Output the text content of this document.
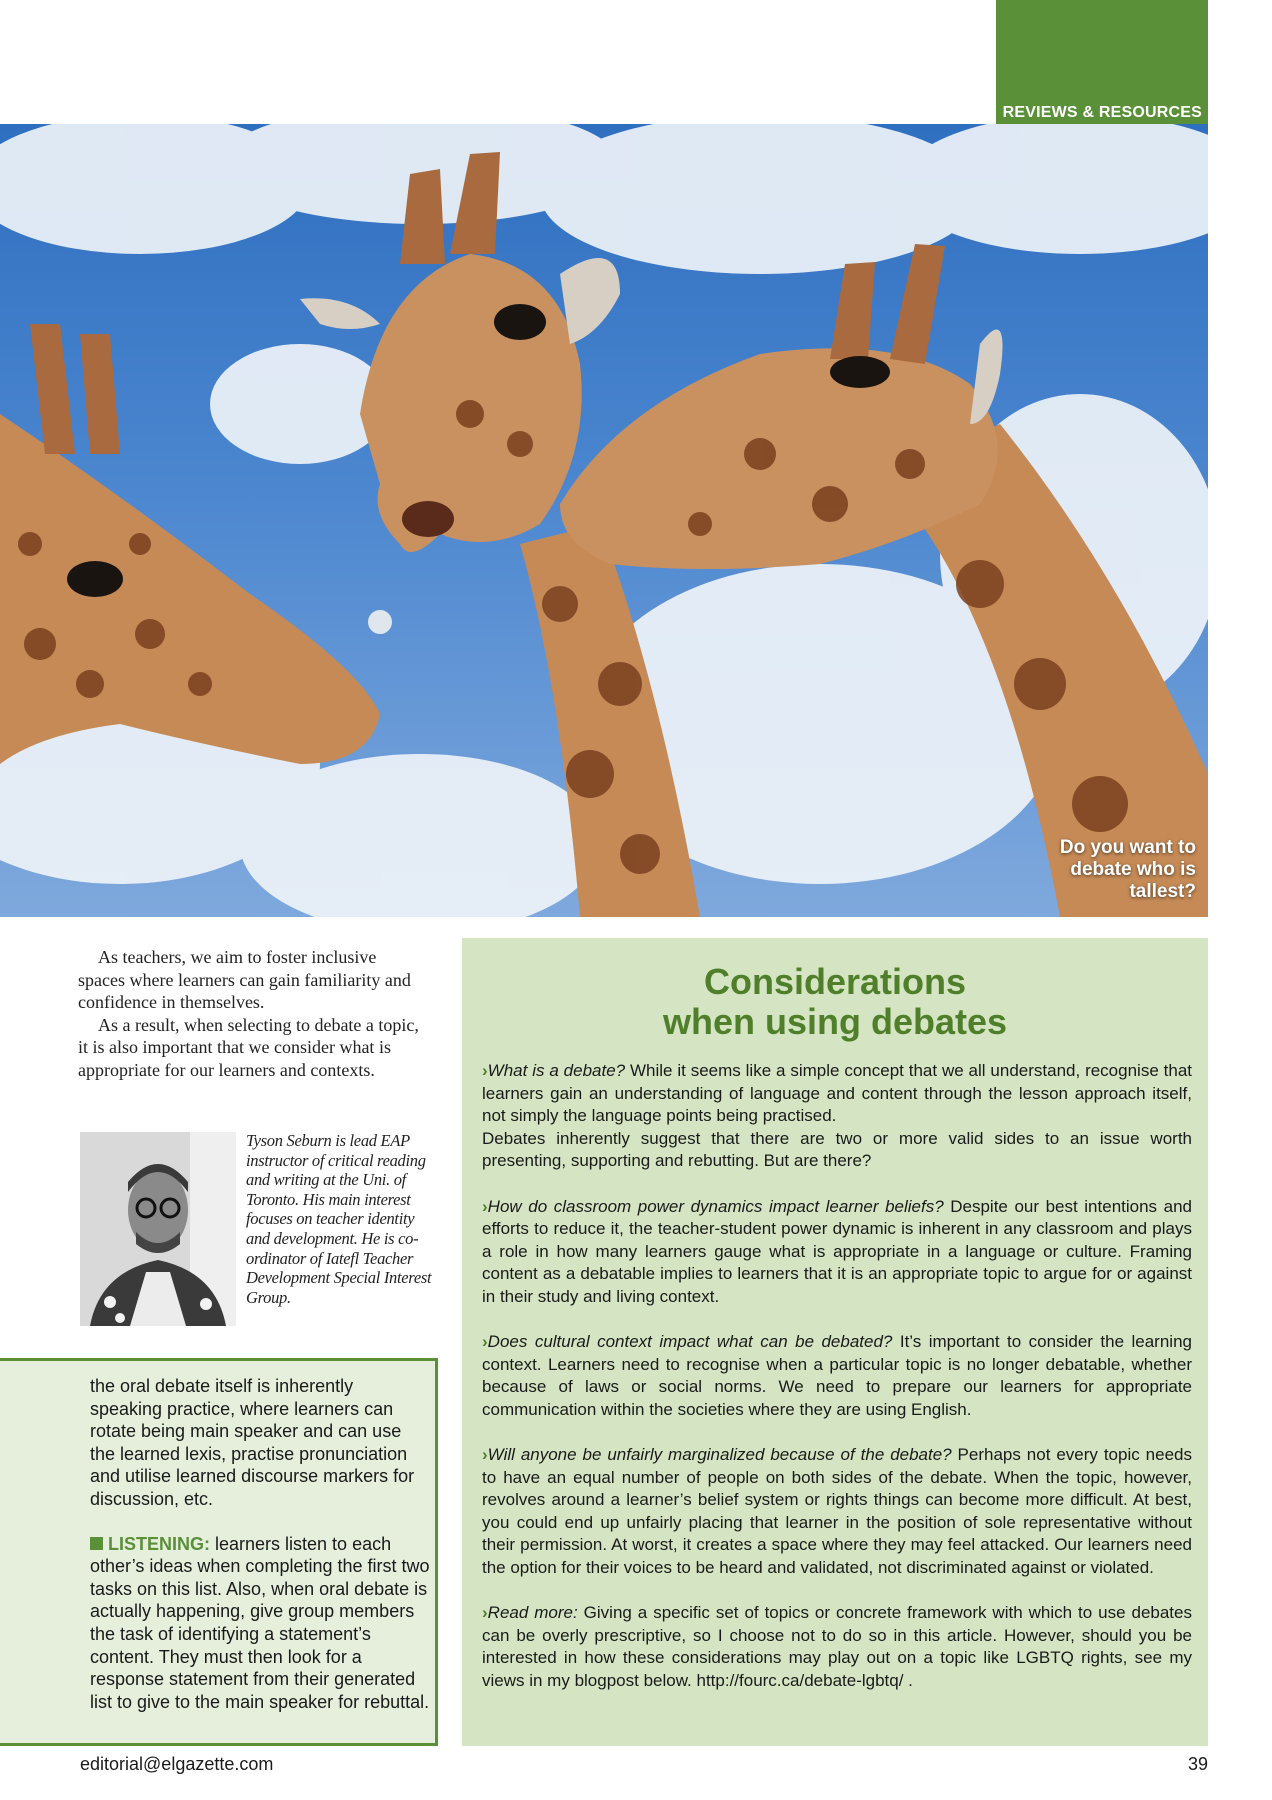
REVIEWS & RESOURCES
Do you want to debate who is tallest?

As teachers, we aim to foster inclusive spaces where learners can gain familiarity and confidence in themselves.

As a result, when selecting to debate a topic, it is also important that we consider what is appropriate for our learners and contexts.

Tyson Seburn is lead EAP instructor of critical reading and writing at the Uni. of Toronto. His main interest focuses on teacher identity and development. He is co-ordinator of Iatefl Teacher Development Special Interest Group.

the oral debate itself is inherently speaking practice, where learners can rotate being main speaker and can use the learned lexis, practise pronunciation and utilise learned discourse markers for discussion, etc.

LISTENING: learners listen to each other’s ideas when completing the first two tasks on this list. Also, when oral debate is actually happening, give group members the task of identifying a statement’s content. They must then look for a response statement from their generated list to give to the main speaker for rebuttal.

Considerations
when using debates

›What is a debate? While it seems like a simple concept that we all understand, recognise that learners gain an understanding of language and content through the lesson approach itself, not simply the language points being practised.

Debates inherently suggest that there are two or more valid sides to an issue worth presenting, supporting and rebutting. But are there?

›How do classroom power dynamics impact learner beliefs? Despite our best intentions and efforts to reduce it, the teacher-student power dynamic is inherent in any classroom and plays a role in how many learners gauge what is appropriate in a language or culture. Framing content as a debatable implies to learners that it is an appropriate topic to argue for or against in their study and living context.

›Does cultural context impact what can be debated? It’s important to consider the learning context. Learners need to recognise when a particular topic is no longer debatable, whether because of laws or social norms. We need to prepare our learners for appropriate communication within the societies where they are using English.

›Will anyone be unfairly marginalized because of the debate? Perhaps not every topic needs to have an equal number of people on both sides of the debate. When the topic, however, revolves around a learner’s belief system or rights things can become more difficult. At best, you could end up unfairly placing that learner in the position of sole representative without their permission. At worst, it creates a space where they may feel attacked. Our learners need the option for their voices to be heard and validated, not discriminated against or violated.

›Read more: Giving a specific set of topics or concrete framework with which to use debates can be overly prescriptive, so I choose not to do so in this article. However, should you be interested in how these considerations may play out on a topic like LGBTQ rights, see my views in my blogpost below. http://fourc.ca/debate-lgbtq/ .

editorial@elgazette.com	39
